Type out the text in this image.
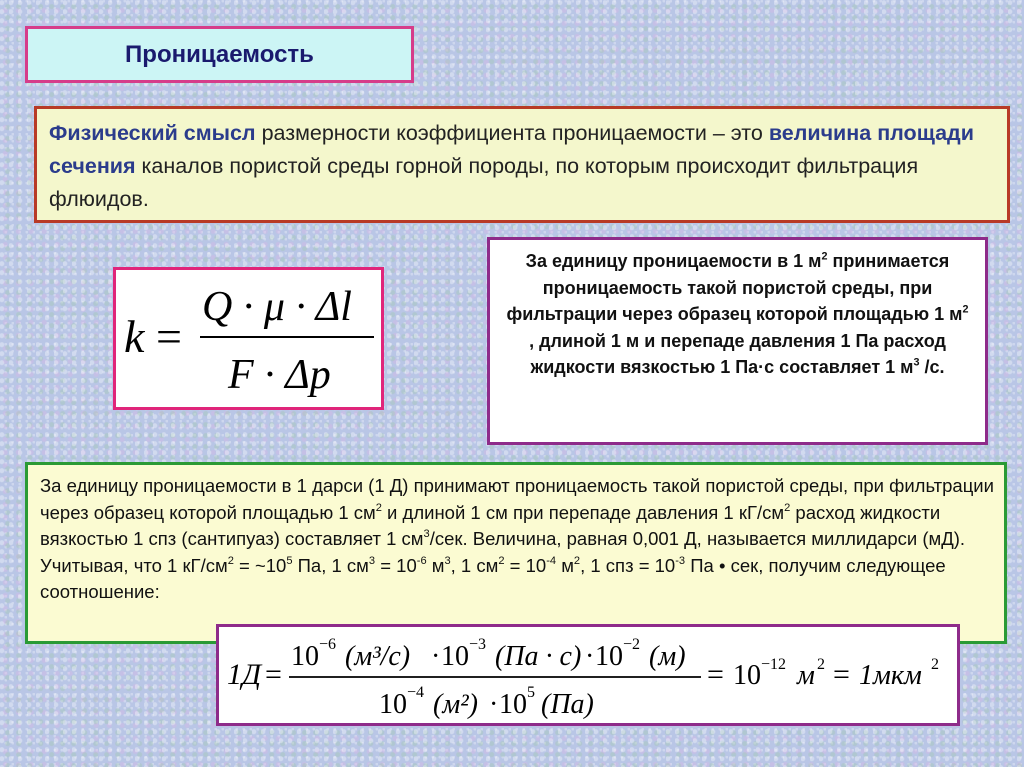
Проницаемость
Физический смысл размерности коэффициента проницаемости – это величина площади сечения каналов пористой среды горной породы, по которым происходит фильтрация флюидов.
k =
Q · μ · Δl
F · Δp
За единицу проницаемости в 1 $м^2$ принимается проницаемость такой пористой среды, при фильтрации через образец которой площадью 1 $м^2$ , длиной 1 м и перепаде давления 1 Па расход жидкости вязкостью 1 Па·с составляет 1 $м^3$ /с.
За единицу проницаемости в 1 дарси (1 Д) принимают проницаемость такой пористой среды, при фильтрации через образец которой площадью 1 $см^2$ и длиной 1 см при перепаде давления 1 $кГ/см^2$ расход жидкости вязкостью 1 спз (сантипуаз) составляет 1 $см^3$/сек. Величина, равная 0,001 Д, называется миллидарси (мД). Учитывая, что 1 $кГ/см^2$ = $\sim 10^5$ Па, 1 $см^3 = 10^{-6}$ $м^3$, 1 $см^2 = 10^{-4}$ $м^2$, 1 спз = $10^{-3}$ Па • сек, получим следующее соотношение:
1Д =
10 −6 (м³/с) · 10 −3 (Па · с) · 10 −2 (м)
10 −4 (м²) · 10 5 (Па)
= 10 −12 м 2 = 1мкм 2
